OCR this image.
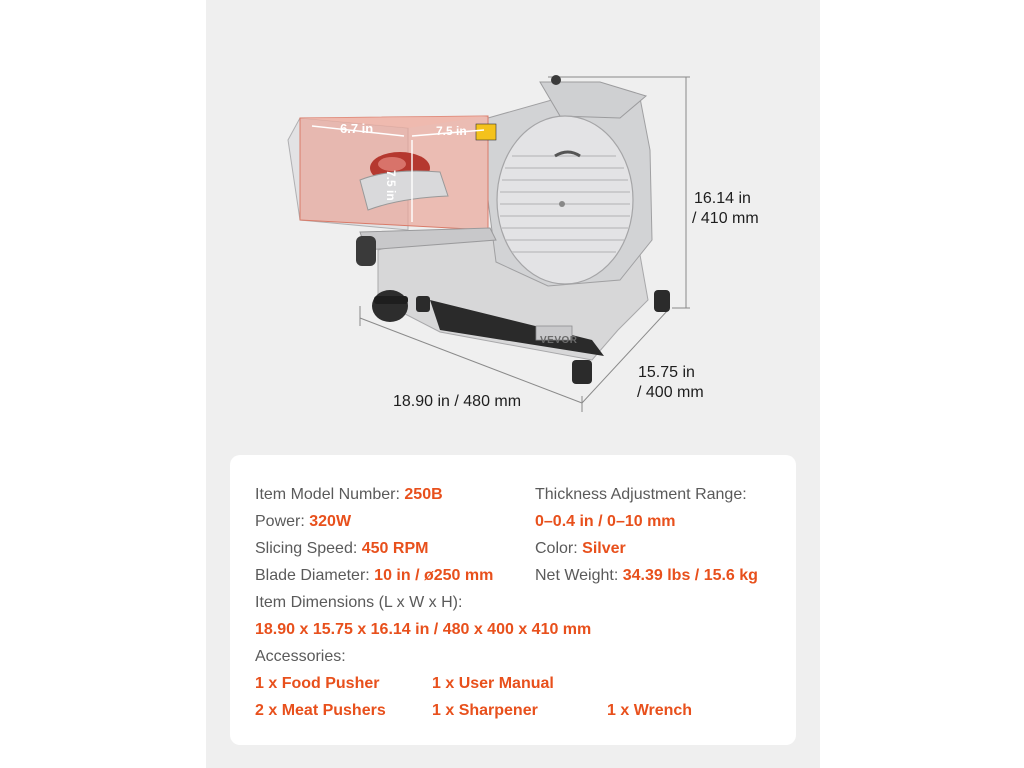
6.7 in	7.5 in
7.5 in
VEVOR
16.14 in
/ 410 mm
15.75 in
/ 400 mm
18.90 in / 480 mm
Item Model Number: 250B
Power: 320W
Slicing Speed: 450 RPM
Blade Diameter: 10 in / ø250 mm
Thickness Adjustment Range:
0–0.4 in / 0–10 mm
Color: Silver
Net Weight: 34.39 lbs / 15.6 kg
Item Dimensions (L x W x H):
18.90 x 15.75 x 16.14 in / 480 x 400 x 410 mm
Accessories:
1 x Food Pusher	1 x User Manual
2 x Meat Pushers	1 x Sharpener	1 x Wrench
